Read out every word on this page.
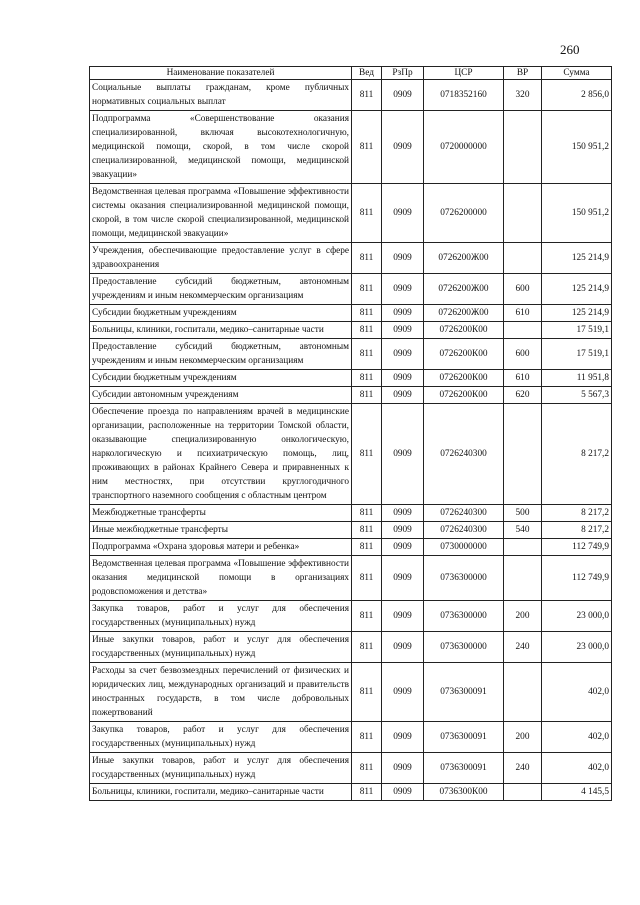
260
Наименование показателей	Вед	РзПр	ЦСР	ВР	Сумма
Социальные выплаты гражданам, кроме публичных нормативных социальных выплат	811	0909	0718352160	320	2 856,0
Подпрограмма «Совершенствование оказания специализированной, включая высокотехнологичную, медицинской помощи, скорой, в том числе скорой специализированной, медицинской помощи, медицинской эвакуации»	811	0909	0720000000		150 951,2
Ведомственная целевая программа «Повышение эффективности системы оказания специализированной медицинской помощи, скорой, в том числе скорой специализированной, медицинской помощи, медицинской эвакуации»	811	0909	0726200000		150 951,2
Учреждения, обеспечивающие предоставление услуг в сфере здравоохранения	811	0909	0726200Ж00		125 214,9
Предоставление субсидий бюджетным, автономным учреждениям и иным некоммерческим организациям	811	0909	0726200Ж00	600	125 214,9
Субсидии бюджетным учреждениям	811	0909	0726200Ж00	610	125 214,9
Больницы, клиники, госпитали, медико–санитарные части	811	0909	0726200К00		17 519,1
Предоставление субсидий бюджетным, автономным учреждениям и иным некоммерческим организациям	811	0909	0726200К00	600	17 519,1
Субсидии бюджетным учреждениям	811	0909	0726200К00	610	11 951,8
Субсидии автономным учреждениям	811	0909	0726200К00	620	5 567,3
Обеспечение проезда по направлениям врачей в медицинские организации, расположенные на территории Томской области, оказывающие специализированную онкологическую, наркологическую и психиатрическую помощь, лиц, проживающих в районах Крайнего Севера и приравненных к ним местностях, при отсутствии круглогодичного транспортного наземного сообщения с областным центром	811	0909	0726240300		8 217,2
Межбюджетные трансферты	811	0909	0726240300	500	8 217,2
Иные межбюджетные трансферты	811	0909	0726240300	540	8 217,2
Подпрограмма «Охрана здоровья матери и ребенка»	811	0909	0730000000		112 749,9
Ведомственная целевая программа «Повышение эффективности оказания медицинской помощи в организациях родовспоможения и детства»	811	0909	0736300000		112 749,9
Закупка товаров, работ и услуг для обеспечения государственных (муниципальных) нужд	811	0909	0736300000	200	23 000,0
Иные закупки товаров, работ и услуг для обеспечения государственных (муниципальных) нужд	811	0909	0736300000	240	23 000,0
Расходы за счет безвозмездных перечислений от физических и юридических лиц, международных организаций и правительств иностранных государств, в том числе добровольных пожертвований	811	0909	0736300091		402,0
Закупка товаров, работ и услуг для обеспечения государственных (муниципальных) нужд	811	0909	0736300091	200	402,0
Иные закупки товаров, работ и услуг для обеспечения государственных (муниципальных) нужд	811	0909	0736300091	240	402,0
Больницы, клиники, госпитали, медико–санитарные части	811	0909	0736300К00		4 145,5
